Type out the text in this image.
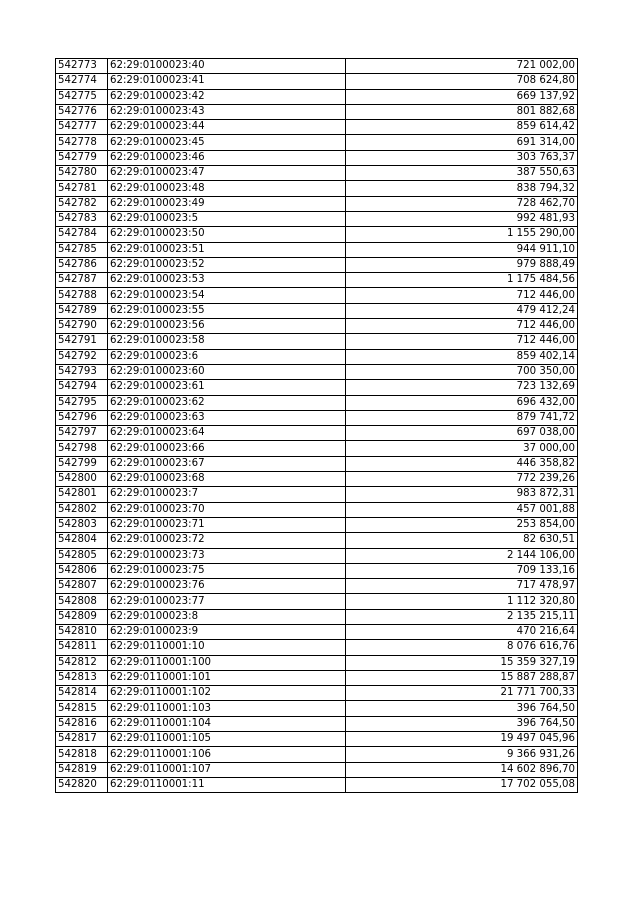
542773	62:29:0100023:40	721 002,00
542774	62:29:0100023:41	708 624,80
542775	62:29:0100023:42	669 137,92
542776	62:29:0100023:43	801 882,68
542777	62:29:0100023:44	859 614,42
542778	62:29:0100023:45	691 314,00
542779	62:29:0100023:46	303 763,37
542780	62:29:0100023:47	387 550,63
542781	62:29:0100023:48	838 794,32
542782	62:29:0100023:49	728 462,70
542783	62:29:0100023:5	992 481,93
542784	62:29:0100023:50	1 155 290,00
542785	62:29:0100023:51	944 911,10
542786	62:29:0100023:52	979 888,49
542787	62:29:0100023:53	1 175 484,56
542788	62:29:0100023:54	712 446,00
542789	62:29:0100023:55	479 412,24
542790	62:29:0100023:56	712 446,00
542791	62:29:0100023:58	712 446,00
542792	62:29:0100023:6	859 402,14
542793	62:29:0100023:60	700 350,00
542794	62:29:0100023:61	723 132,69
542795	62:29:0100023:62	696 432,00
542796	62:29:0100023:63	879 741,72
542797	62:29:0100023:64	697 038,00
542798	62:29:0100023:66	37 000,00
542799	62:29:0100023:67	446 358,82
542800	62:29:0100023:68	772 239,26
542801	62:29:0100023:7	983 872,31
542802	62:29:0100023:70	457 001,88
542803	62:29:0100023:71	253 854,00
542804	62:29:0100023:72	82 630,51
542805	62:29:0100023:73	2 144 106,00
542806	62:29:0100023:75	709 133,16
542807	62:29:0100023:76	717 478,97
542808	62:29:0100023:77	1 112 320,80
542809	62:29:0100023:8	2 135 215,11
542810	62:29:0100023:9	470 216,64
542811	62:29:0110001:10	8 076 616,76
542812	62:29:0110001:100	15 359 327,19
542813	62:29:0110001:101	15 887 288,87
542814	62:29:0110001:102	21 771 700,33
542815	62:29:0110001:103	396 764,50
542816	62:29:0110001:104	396 764,50
542817	62:29:0110001:105	19 497 045,96
542818	62:29:0110001:106	9 366 931,26
542819	62:29:0110001:107	14 602 896,70
542820	62:29:0110001:11	17 702 055,08
